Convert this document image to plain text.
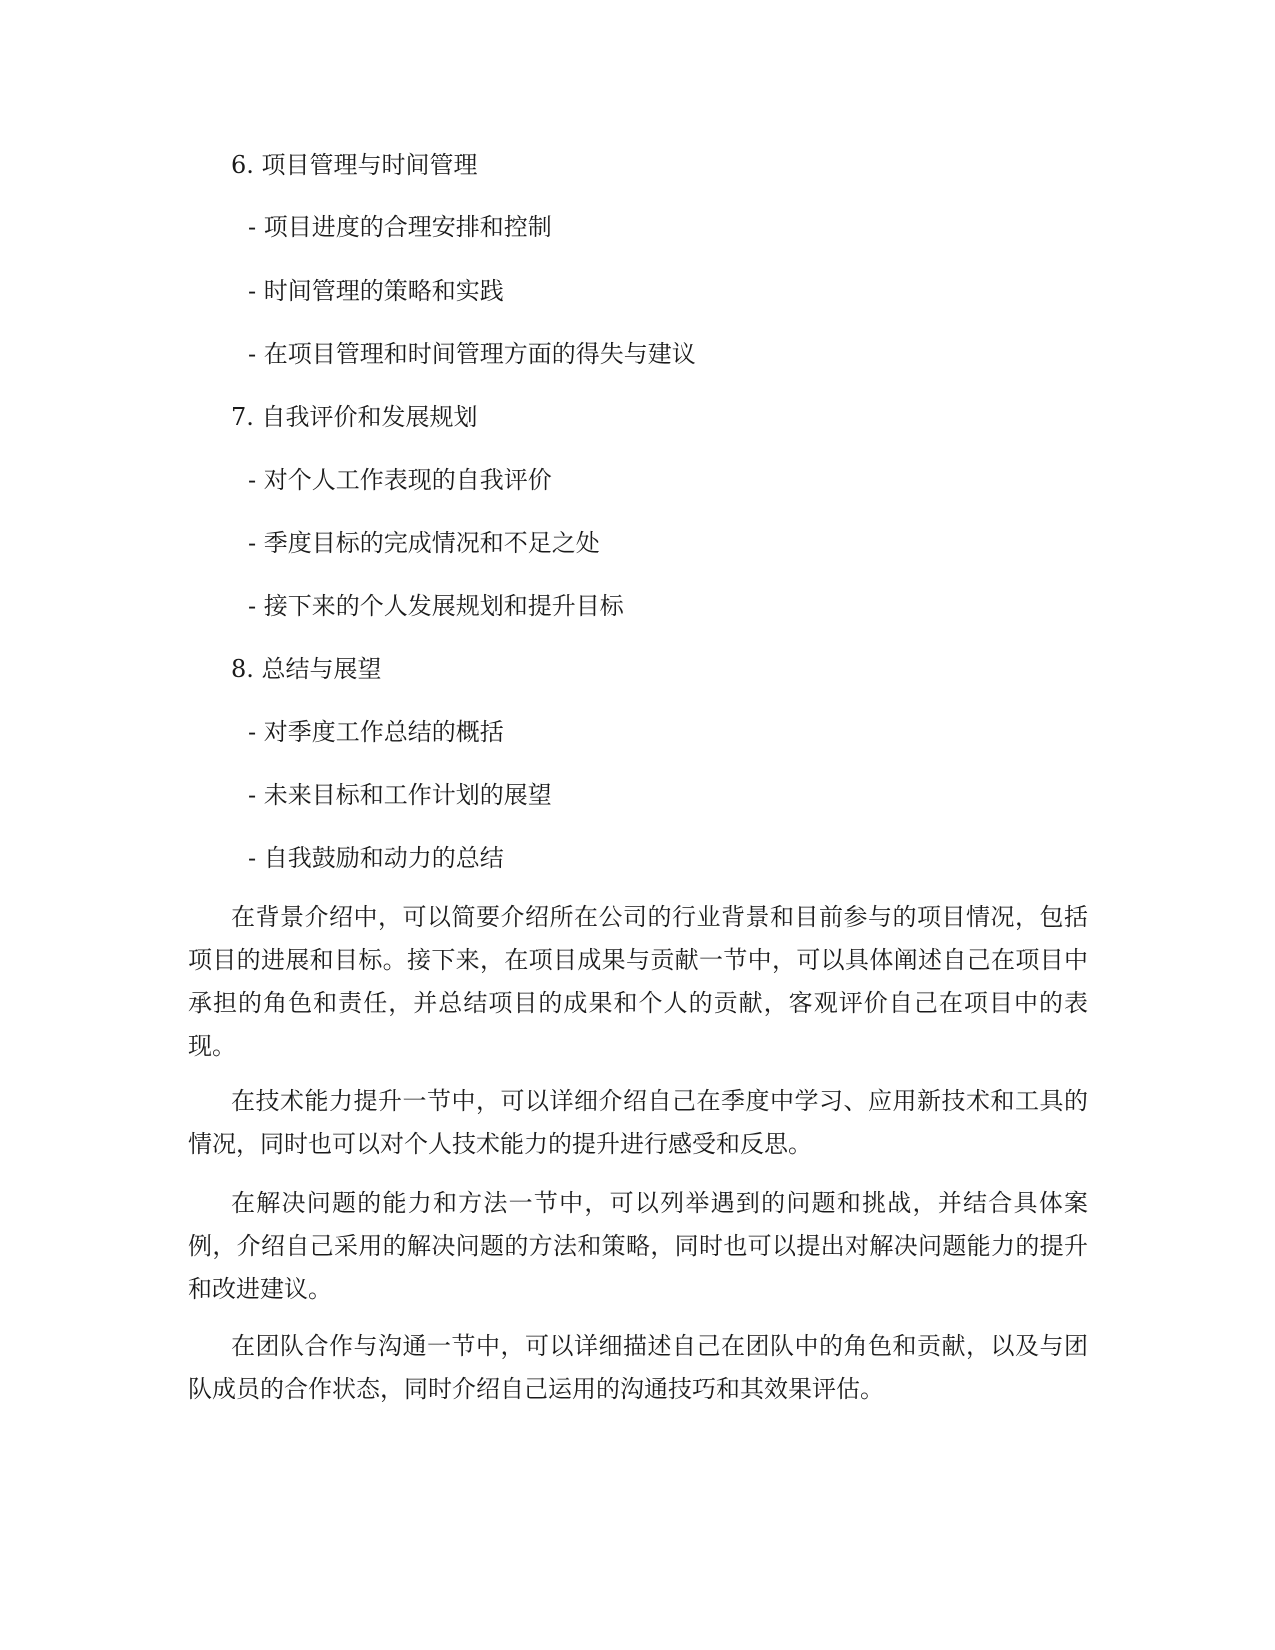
6. 项目管理与时间管理
- 项目进度的合理安排和控制
- 时间管理的策略和实践
- 在项目管理和时间管理方面的得失与建议
7. 自我评价和发展规划
- 对个人工作表现的自我评价
- 季度目标的完成情况和不足之处
- 接下来的个人发展规划和提升目标
8. 总结与展望
- 对季度工作总结的概括
- 未来目标和工作计划的展望
- 自我鼓励和动力的总结

在背景介绍中，可以简要介绍所在公司的行业背景和目前参与的项目情况，包括项目的进展和目标。接下来，在项目成果与贡献一节中，可以具体阐述自己在项目中承担的角色和责任，并总结项目的成果和个人的贡献，客观评价自己在项目中的表现。

在技术能力提升一节中，可以详细介绍自己在季度中学习、应用新技术和工具的情况，同时也可以对个人技术能力的提升进行感受和反思。

在解决问题的能力和方法一节中，可以列举遇到的问题和挑战，并结合具体案例，介绍自己采用的解决问题的方法和策略，同时也可以提出对解决问题能力的提升和改进建议。

在团队合作与沟通一节中，可以详细描述自己在团队中的角色和贡献，以及与团队成员的合作状态，同时介绍自己运用的沟通技巧和其效果评估。
